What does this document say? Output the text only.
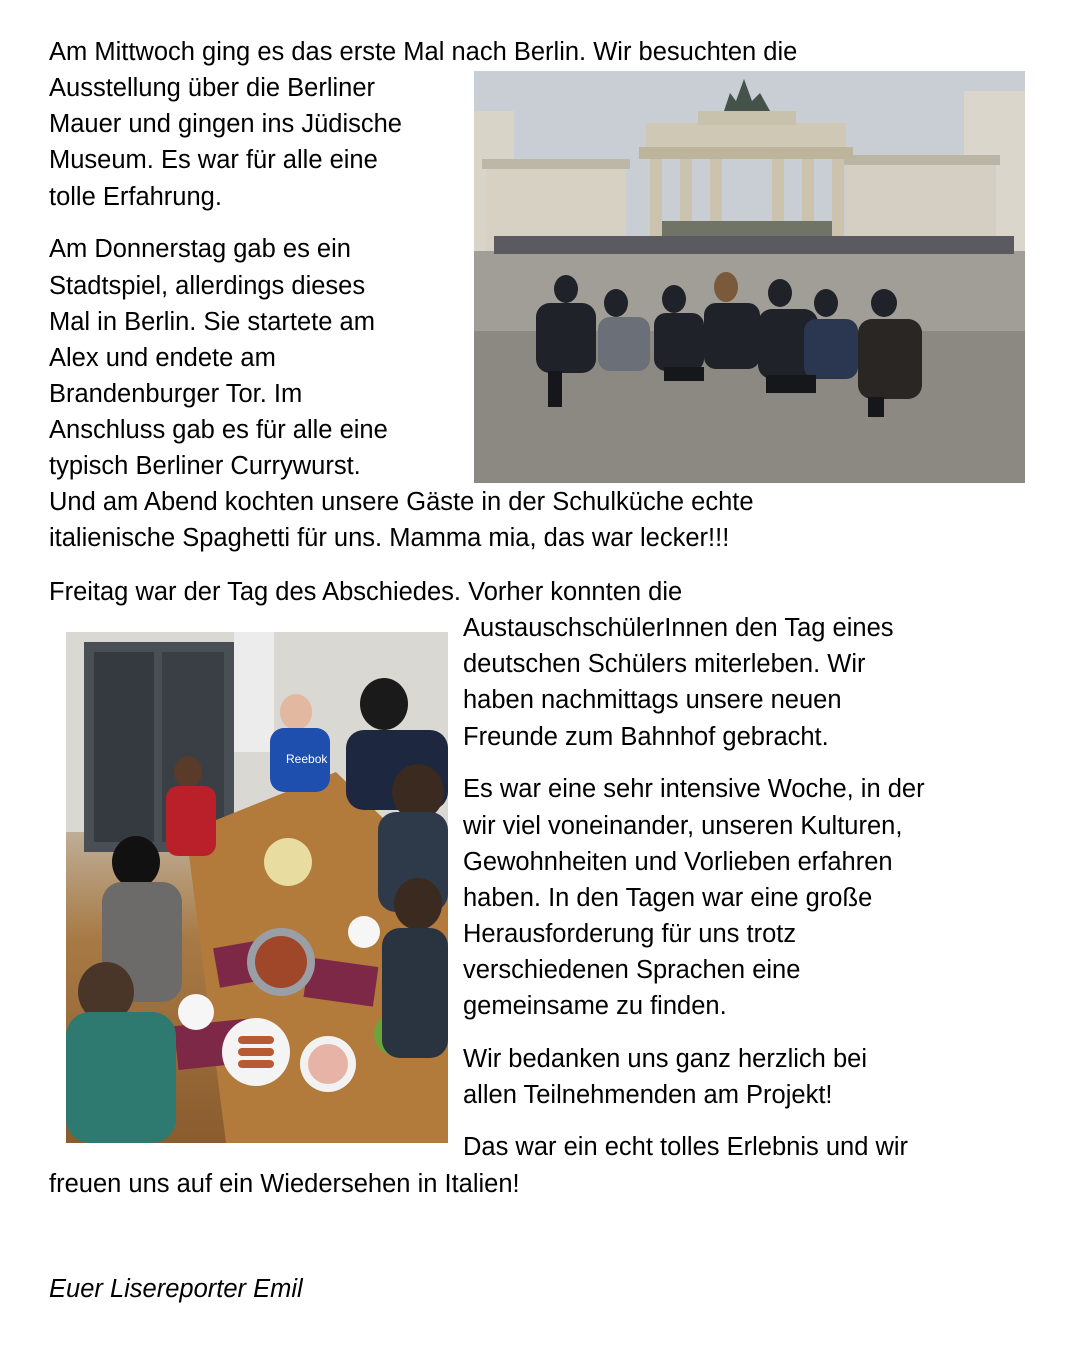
Am Mittwoch ging es das erste Mal nach Berlin. Wir besuchten die
Ausstellung über die Berliner
Mauer und gingen ins Jüdische
Museum. Es war für alle eine
tolle Erfahrung.
Am Donnerstag gab es ein
Stadtspiel, allerdings dieses
Mal in Berlin. Sie startete am
Alex und endete am
Brandenburger Tor. Im
Anschluss gab es für alle eine
typisch Berliner Currywurst.
Und am Abend kochten unsere Gäste in der Schulküche echte
italienische Spaghetti für uns. Mamma mia, das war lecker!!!
Freitag war der Tag des Abschiedes. Vorher konnten die
AustauschschülerInnen den Tag eines
deutschen Schülers miterleben. Wir
haben nachmittags unsere neuen
Freunde zum Bahnhof gebracht.
Es war eine sehr intensive Woche, in der
wir viel voneinander, unseren Kulturen,
Gewohnheiten und Vorlieben erfahren
haben. In den Tagen war eine große
Herausforderung für uns trotz
verschiedenen Sprachen eine
gemeinsame zu finden.
Wir bedanken uns ganz herzlich bei
allen Teilnehmenden am Projekt!
Das war ein echt tolles Erlebnis und wir
freuen uns auf ein Wiedersehen in Italien!
Euer Lisereporter Emil
Reebok
